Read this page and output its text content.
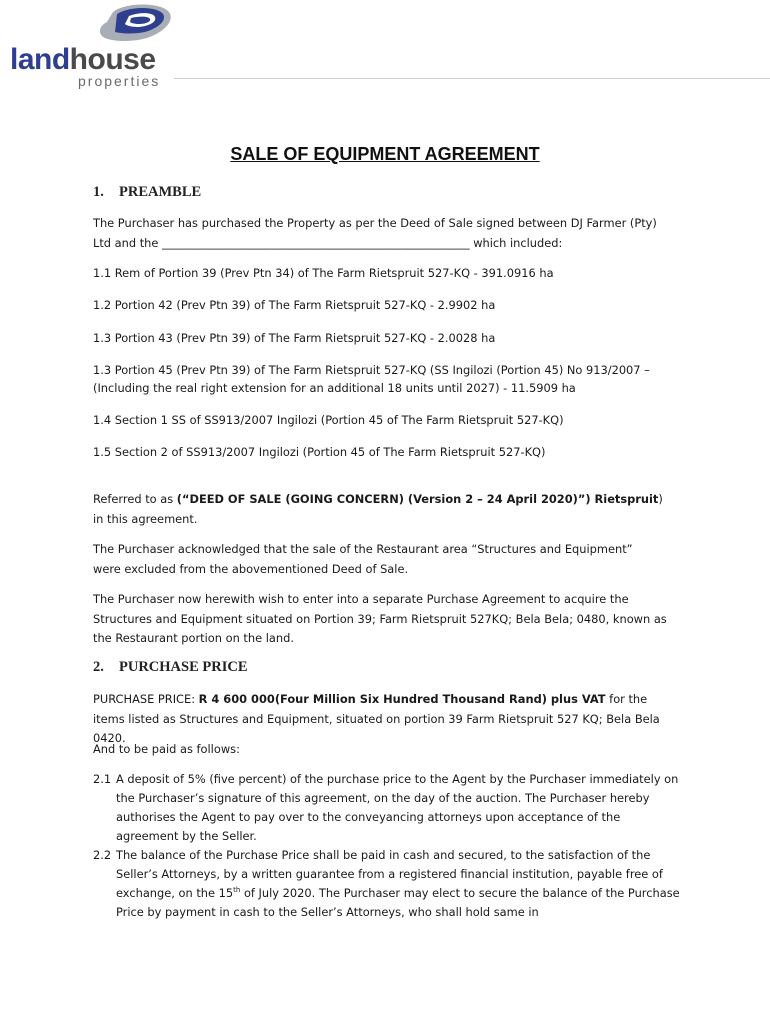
landhouse
properties
SALE OF EQUIPMENT AGREEMENT
1. PREAMBLE
The Purchaser has purchased the Property as per the Deed of Sale signed between DJ Farmer (Pty)
Ltd and the ______________________________________________________ which included:
1.1 Rem of Portion 39 (Prev Ptn 34) of The Farm Rietspruit 527-KQ - 391.0916 ha
1.2 Portion 42 (Prev Ptn 39) of The Farm Rietspruit 527-KQ - 2.9902 ha
1.3 Portion 43 (Prev Ptn 39) of The Farm Rietspruit 527-KQ - 2.0028 ha
1.3 Portion 45 (Prev Ptn 39) of The Farm Rietspruit 527-KQ (SS Ingilozi (Portion 45) No 913/2007 – (Including the real right extension for an additional 18 units until 2027) - 11.5909 ha
1.4 Section 1 SS of SS913/2007 Ingilozi (Portion 45 of The Farm Rietspruit 527-KQ)
1.5 Section 2 of SS913/2007 Ingilozi (Portion 45 of The Farm Rietspruit 527-KQ)
Referred to as (“DEED OF SALE (GOING CONCERN) (Version 2 – 24 April 2020)”) Rietspruit) in this agreement.
The Purchaser acknowledged that the sale of the Restaurant area “Structures and Equipment” were excluded from the abovementioned Deed of Sale.
The Purchaser now herewith wish to enter into a separate Purchase Agreement to acquire the Structures and Equipment situated on Portion 39; Farm Rietspruit 527KQ; Bela Bela; 0480, known as the Restaurant portion on the land.
2. PURCHASE PRICE
PURCHASE PRICE: R 4 600 000(Four Million Six Hundred Thousand Rand) plus VAT for the items listed as Structures and Equipment, situated on portion 39 Farm Rietspruit 527 KQ; Bela Bela 0420.
And to be paid as follows:
2.1 A deposit of 5% (five percent) of the purchase price to the Agent by the Purchaser immediately on the Purchaser’s signature of this agreement, on the day of the auction. The Purchaser hereby authorises the Agent to pay over to the conveyancing attorneys upon acceptance of the agreement by the Seller.
2.2 The balance of the Purchase Price shall be paid in cash and secured, to the satisfaction of the Seller’s Attorneys, by a written guarantee from a registered financial institution, payable free of exchange, on the 15th of July 2020. The Purchaser may elect to secure the balance of the Purchase Price by payment in cash to the Seller’s Attorneys, who shall hold same in
